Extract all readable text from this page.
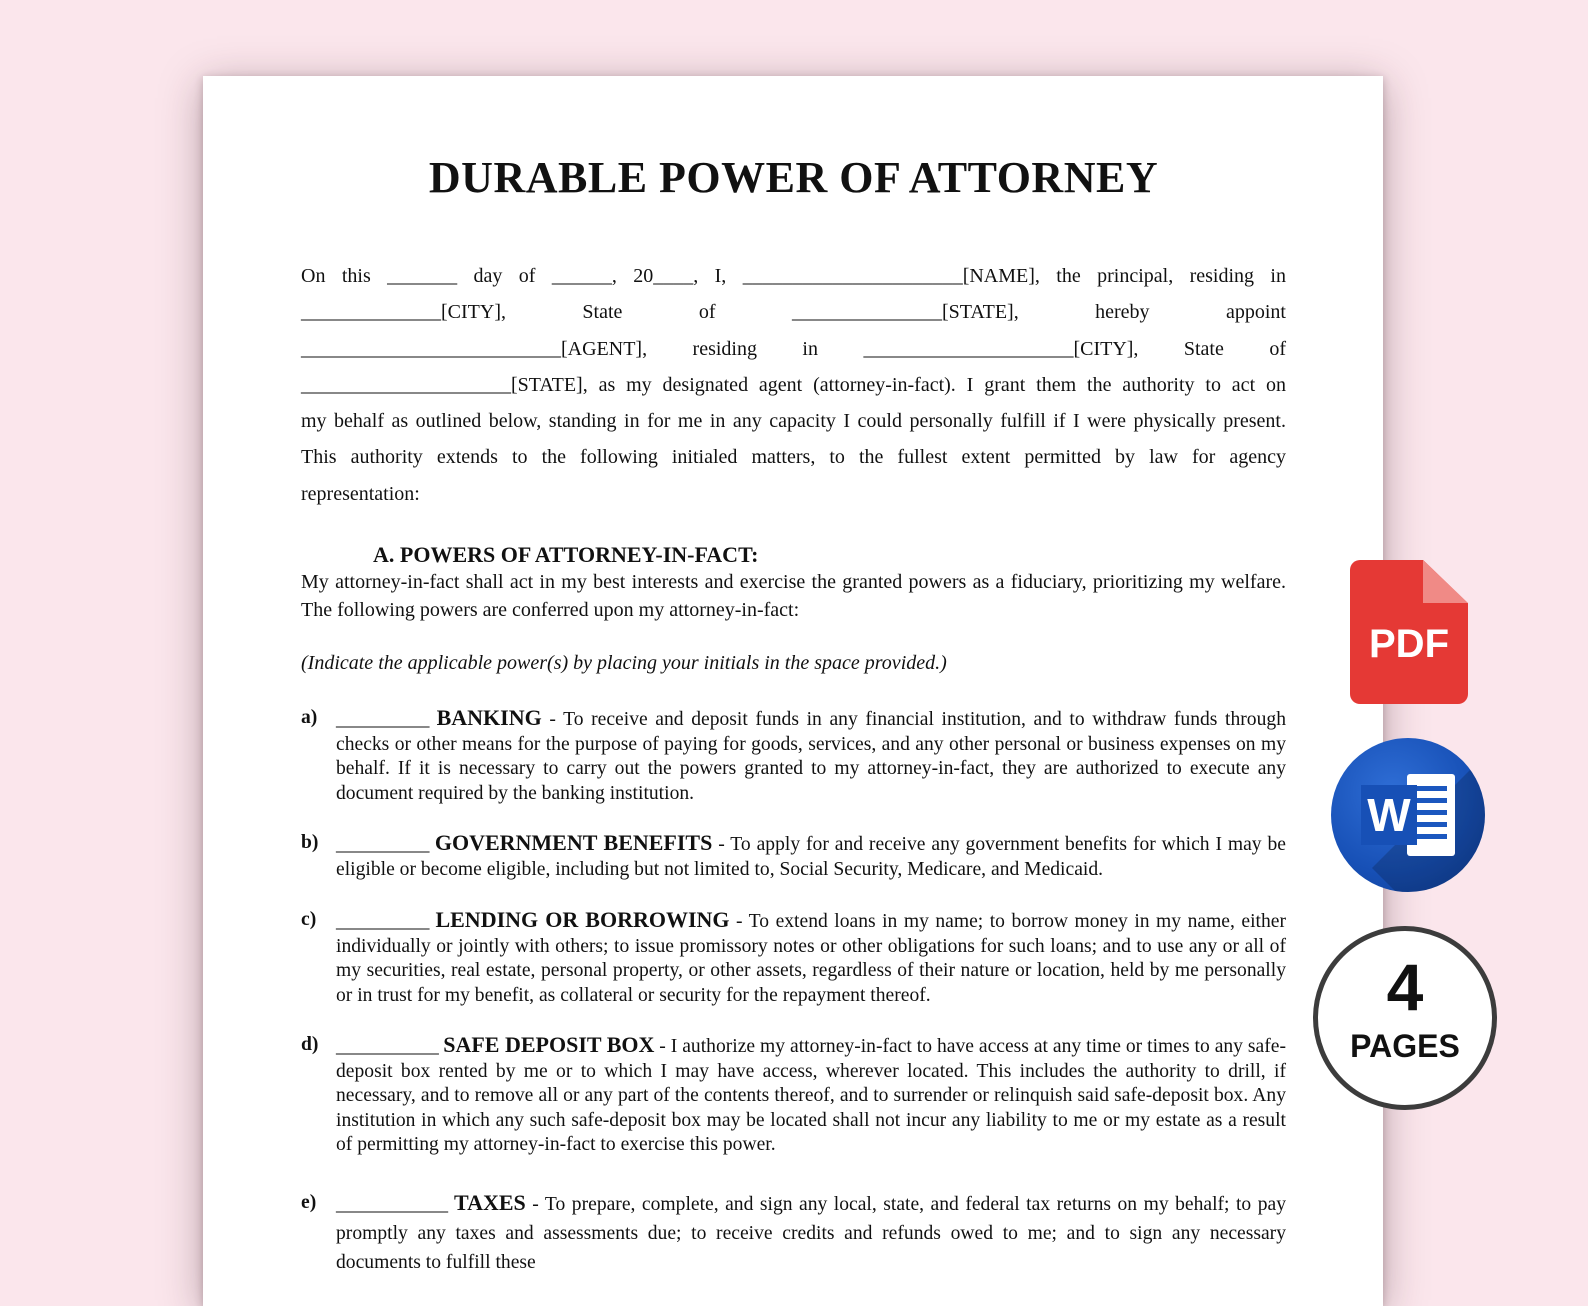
DURABLE POWER OF ATTORNEY
On this _______ day of ______, 20____, I, ______________________[NAME], the principal, residing in
______________[CITY], State of _______________[STATE], hereby appoint
__________________________[AGENT], residing in _____________________[CITY], State of
_____________________[STATE], as my designated agent (attorney-in-fact). I grant them the authority to act on
my behalf as outlined below, standing in for me in any capacity I could personally fulfill if I were physically present.
This authority extends to the following initialed matters, to the fullest extent permitted by law for agency
representation:
A. POWERS OF ATTORNEY-IN-FACT:
My attorney-in-fact shall act in my best interests and exercise the granted powers as a fiduciary, prioritizing my welfare. The following powers are conferred upon my attorney-in-fact:
(Indicate the applicable power(s) by placing your initials in the space provided.)
a) __________ BANKING - To receive and deposit funds in any financial institution, and to withdraw funds through checks or other means for the purpose of paying for goods, services, and any other personal or business expenses on my behalf. If it is necessary to carry out the powers granted to my attorney-in-fact, they are authorized to execute any document required by the banking institution.
b) __________ GOVERNMENT BENEFITS - To apply for and receive any government benefits for which I may be eligible or become eligible, including but not limited to, Social Security, Medicare, and Medicaid.
c) __________ LENDING OR BORROWING - To extend loans in my name; to borrow money in my name, either individually or jointly with others; to issue promissory notes or other obligations for such loans; and to use any or all of my securities, real estate, personal property, or other assets, regardless of their nature or location, held by me personally or in trust for my benefit, as collateral or security for the repayment thereof.
d) ___________ SAFE DEPOSIT BOX - I authorize my attorney-in-fact to have access at any time or times to any safe-deposit box rented by me or to which I may have access, wherever located. This includes the authority to drill, if necessary, and to remove all or any part of the contents thereof, and to surrender or relinquish said safe-deposit box. Any institution in which any such safe-deposit box may be located shall not incur any liability to me or my estate as a result of permitting my attorney-in-fact to exercise this power.
e) ____________ TAXES - To prepare, complete, and sign any local, state, and federal tax returns on my behalf; to pay promptly any taxes and assessments due; to receive credits and refunds owed to me; and to sign any necessary documents to fulfill these
PDF
W
4
PAGES
